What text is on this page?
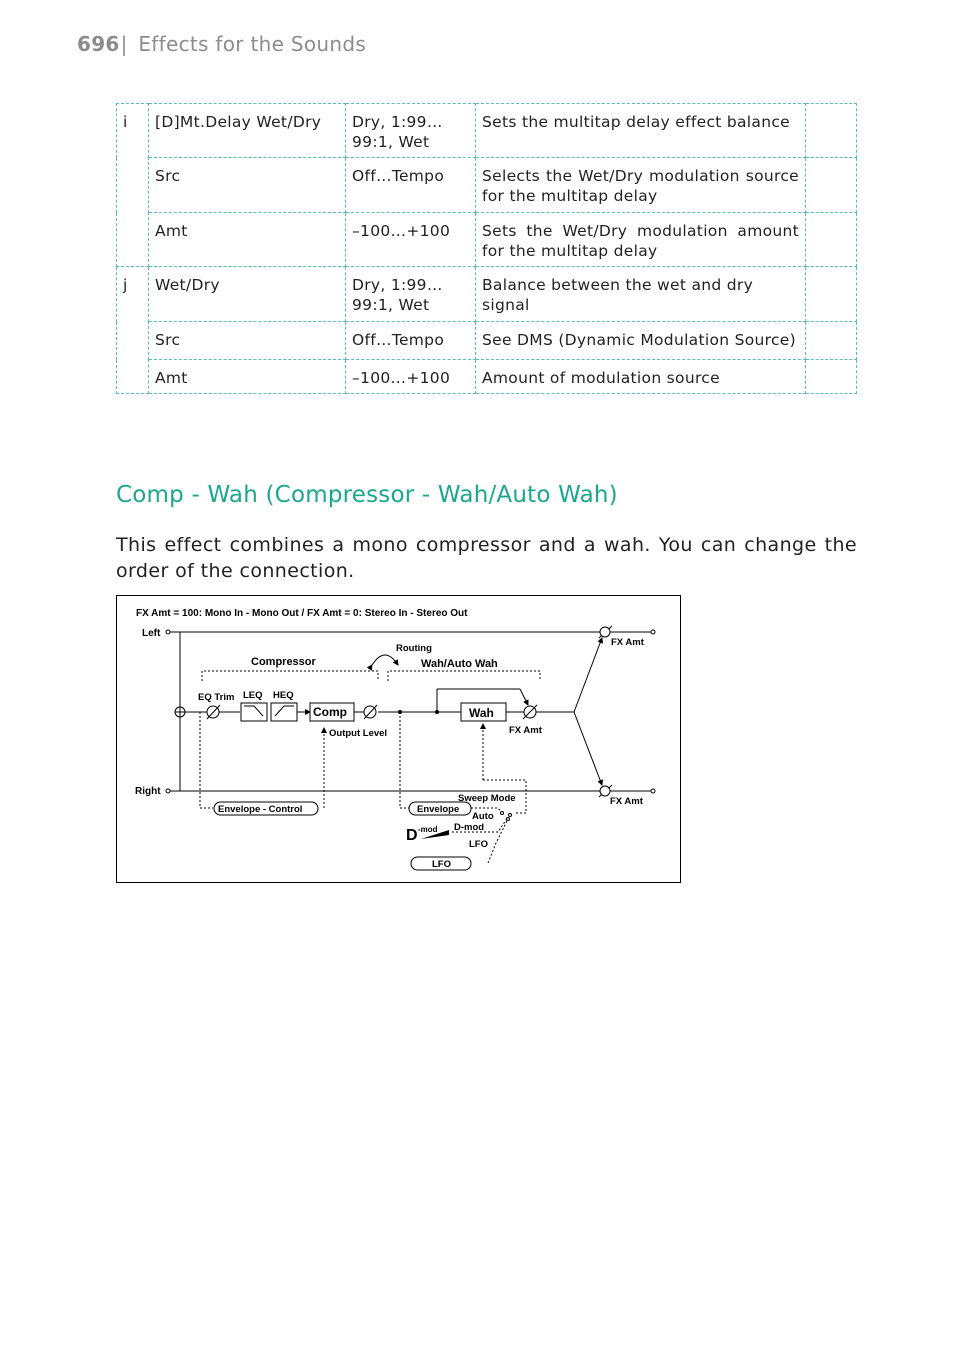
696| Effects for the Sounds
i	[D]Mt.Delay Wet/Dry	Dry, 1:99…99:1, Wet	Sets the multitap delay effect balance	
	Src	Off…Tempo	Selects the Wet/Dry modulation source for the multitap delay	
	Amt	–100…+100	Sets the Wet/Dry modulation amount for the multitap delay	
j	Wet/Dry	Dry, 1:99…99:1, Wet	Balance between the wet and dry signal	
	Src	Off…Tempo	See DMS (Dynamic Modulation Source)	
	Amt	–100…+100	Amount of modulation source	
Comp - Wah (Compressor - Wah/Auto Wah)

This effect combines a mono compressor and a wah. You can change the order of the connection.

FX Amt = 100: Mono In - Mono Out / FX Amt = 0: Stereo In - Stereo Out
Left
Right
FX Amt
FX Amt
Compressor	Wah/Auto Wah
Routing
EQ Trim LEQ HEQ
Comp
Output Level
Wah
FX Amt
Envelope - Control	Envelope
Sweep Mode
Auto
D-mod
LFO
D -mod
LFO
